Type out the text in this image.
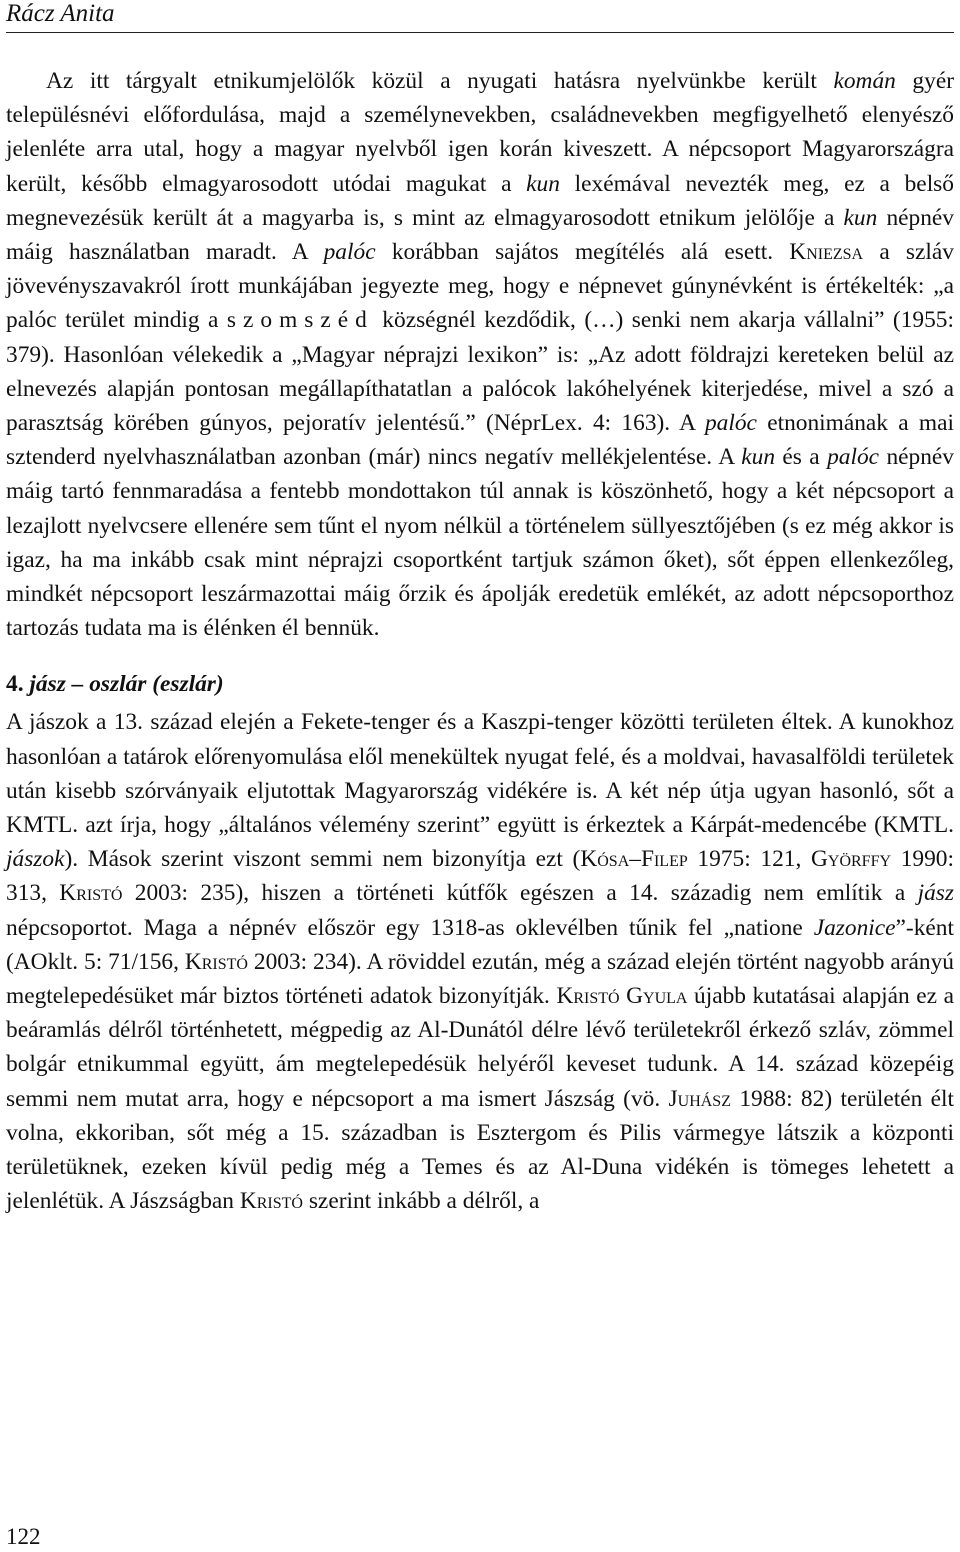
Rácz Anita

Az itt tárgyalt etnikumjelölők közül a nyugati hatásra nyelvünkbe került komán gyér településnévi előfordulása, majd a személynevekben, családnevekben megfigyelhető elenyésző jelenléte arra utal, hogy a magyar nyelvből igen korán kiveszett. A népcsoport Magyarországra került, később elmagyarosodott utódai magukat a kun lexémával nevezték meg, ez a belső megnevezésük került át a magyarba is, s mint az elmagyarosodott etnikum jelölője a kun népnév máig használatban maradt. A palóc korábban sajátos megítélés alá esett. Kniezsa a szláv jövevényszavakról írott munkájában jegyezte meg, hogy e népnevet gúnynévként is értékelték: „a palóc terület mindig a szomszéd községnél kezdődik, (…) senki nem akarja vállalni” (1955: 379). Hasonlóan vélekedik a „Magyar néprajzi lexikon” is: „Az adott földrajzi kereteken belül az elnevezés alapján pontosan megállapíthatatlan a palócok lakóhelyének kiterjedése, mivel a szó a parasztság körében gúnyos, pejoratív jelentésű.” (NéprLex. 4: 163). A palóc etnonimának a mai sztenderd nyelvhasználatban azonban (már) nincs negatív mellékjelentése. A kun és a palóc népnév máig tartó fennmaradása a fentebb mondottakon túl annak is köszönhető, hogy a két népcsoport a lezajlott nyelvcsere ellenére sem tűnt el nyom nélkül a történelem süllyesztőjében (s ez még akkor is igaz, ha ma inkább csak mint néprajzi csoportként tartjuk számon őket), sőt éppen ellenkezőleg, mindkét népcsoport leszármazottai máig őrzik és ápolják eredetük emlékét, az adott népcsoporthoz tartozás tudata ma is élénken él bennük.

4. jász – oszlár (eszlár)

A jászok a 13. század elején a Fekete-tenger és a Kaszpi-tenger közötti területen éltek. A kunokhoz hasonlóan a tatárok előrenyomulása elől menekültek nyugat felé, és a moldvai, havasalföldi területek után kisebb szórványaik eljutottak Magyarország vidékére is. A két nép útja ugyan hasonló, sőt a KMTL. azt írja, hogy „általános vélemény szerint” együtt is érkeztek a Kárpát-medencébe (KMTL. jászok). Mások szerint viszont semmi nem bizonyítja ezt (Kósa–Filep 1975: 121, Györffy 1990: 313, Kristó 2003: 235), hiszen a történeti kútfők egészen a 14. századig nem említik a jász népcsoportot. Maga a népnév először egy 1318-as oklevélben tűnik fel „natione Jazonice”-ként (AOklt. 5: 71/156, Kristó 2003: 234). A röviddel ezután, még a század elején történt nagyobb arányú megtelepedésüket már biztos történeti adatok bizonyítják. Kristó Gyula újabb kutatásai alapján ez a beáramlás délről történhetett, mégpedig az Al-Dunától délre lévő területekről érkező szláv, zömmel bolgár etnikummal együtt, ám megtelepedésük helyéről keveset tudunk. A 14. század közepéig semmi nem mutat arra, hogy e népcsoport a ma ismert Jászság (vö. Juhász 1988: 82) területén élt volna, ekkoriban, sőt még a 15. században is Esztergom és Pilis vármegye látszik a központi területüknek, ezeken kívül pedig még a Temes és az Al-Duna vidékén is tömeges lehetett a jelenlétük. A Jászságban Kristó szerint inkább a délről, a

122
